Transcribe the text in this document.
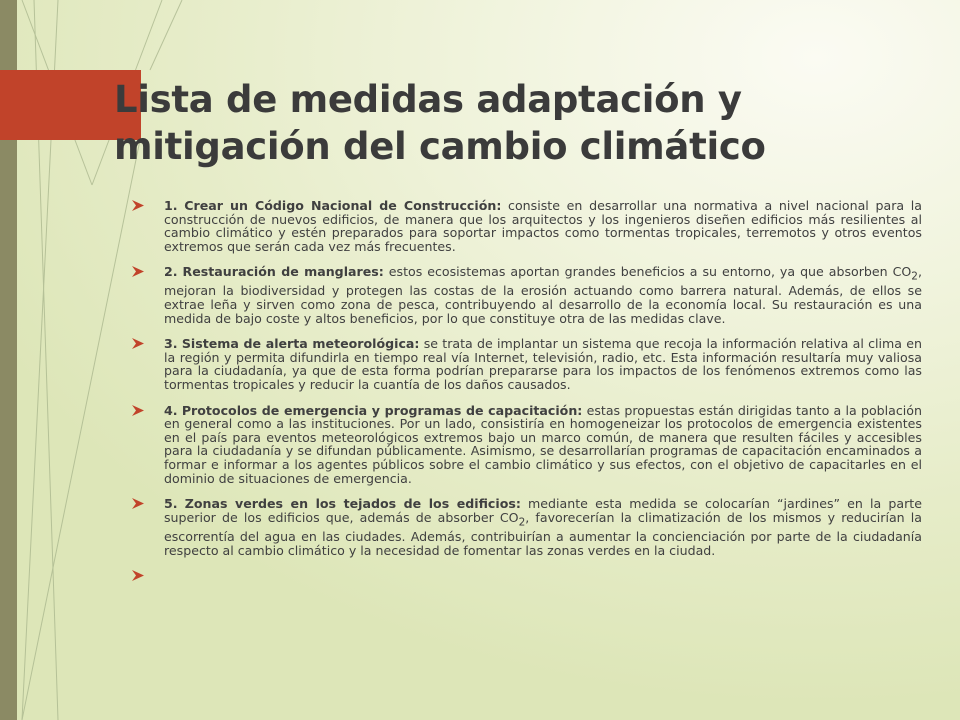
Lista de medidas adaptación y mitigación del cambio climático
1. Crear un Código Nacional de Construcción: consiste en desarrollar una normativa a nivel nacional para la construcción de nuevos edificios, de manera que los arquitectos y los ingenieros diseñen edificios más resilientes al cambio climático y estén preparados para soportar impactos como tormentas tropicales, terremotos y otros eventos extremos que serán cada vez más frecuentes.
2. Restauración de manglares: estos ecosistemas aportan grandes beneficios a su entorno, ya que absorben $CO_2$, mejoran la biodiversidad y protegen las costas de la erosión actuando como barrera natural. Además, de ellos se extrae leña y sirven como zona de pesca, contribuyendo al desarrollo de la economía local. Su restauración es una medida de bajo coste y altos beneficios, por lo que constituye otra de las medidas clave.
3. Sistema de alerta meteorológica: se trata de implantar un sistema que recoja la información relativa al clima en la región y permita difundirla en tiempo real vía Internet, televisión, radio, etc. Esta información resultaría muy valiosa para la ciudadanía, ya que de esta forma podrían prepararse para los impactos de los fenómenos extremos como las tormentas tropicales y reducir la cuantía de los daños causados.
4. Protocolos de emergencia y programas de capacitación: estas propuestas están dirigidas tanto a la población en general como a las instituciones. Por un lado, consistiría en homogeneizar los protocolos de emergencia existentes en el país para eventos meteorológicos extremos bajo un marco común, de manera que resulten fáciles y accesibles para la ciudadanía y se difundan públicamente. Asimismo, se desarrollarían programas de capacitación encaminados a formar e informar a los agentes públicos sobre el cambio climático y sus efectos, con el objetivo de capacitarles en el dominio de situaciones de emergencia.
5. Zonas verdes en los tejados de los edificios: mediante esta medida se colocarían “jardines” en la parte superior de los edificios que, además de absorber $CO_2$, favorecerían la climatización de los mismos y reducirían la escorrentía del agua en las ciudades. Además, contribuirían a aumentar la concienciación por parte de la ciudadanía respecto al cambio climático y la necesidad de fomentar las zonas verdes en la ciudad.
